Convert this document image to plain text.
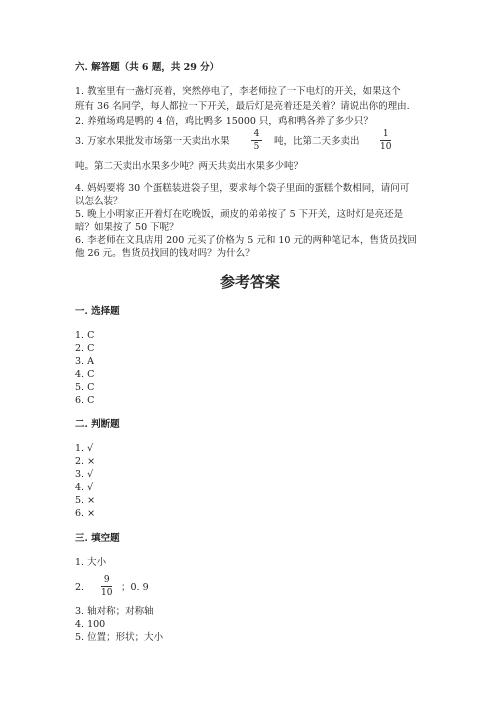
六. 解答题（共 6 题，共 29 分）
1. 教室里有一盏灯亮着，突然停电了，李老师拉了一下电灯的开关，如果这个
班有 36 名同学，每人都拉一下开关，最后灯是亮着还是关着？请说出你的理由.
2. 养殖场鸡是鸭的 4 倍，鸡比鸭多 15000 只，鸡和鸭各养了多少只？
3. 万家水果批发市场第一天卖出水果
4
5 吨，比第二天多卖出
1
10
吨。第二天卖出水果多少吨？两天共卖出水果多少吨？
4. 妈妈要将 30 个蛋糕装进袋子里，要求每个袋子里面的蛋糕个数相同，请问可
以怎么装？
5. 晚上小明家正开着灯在吃晚饭，顽皮的弟弟按了 5 下开关，这时灯是亮还是
暗？如果按了 50 下呢？
6. 李老师在文具店用 200 元买了价格为 5 元和 10 元的两种笔记本，售货员找回
他 26 元。售货员找回的钱对吗？为什么？
参考答案
一. 选择题
1. C
2. C
3. A
4. C
5. C
6. C
二. 判断题
1. √
2. ×
3. √
4. √
5. ×
6. ×
三. 填空题
1. 大小
2.
9
10 ；0. 9
3. 轴对称；对称轴
4. 100
5. 位置；形状；大小
